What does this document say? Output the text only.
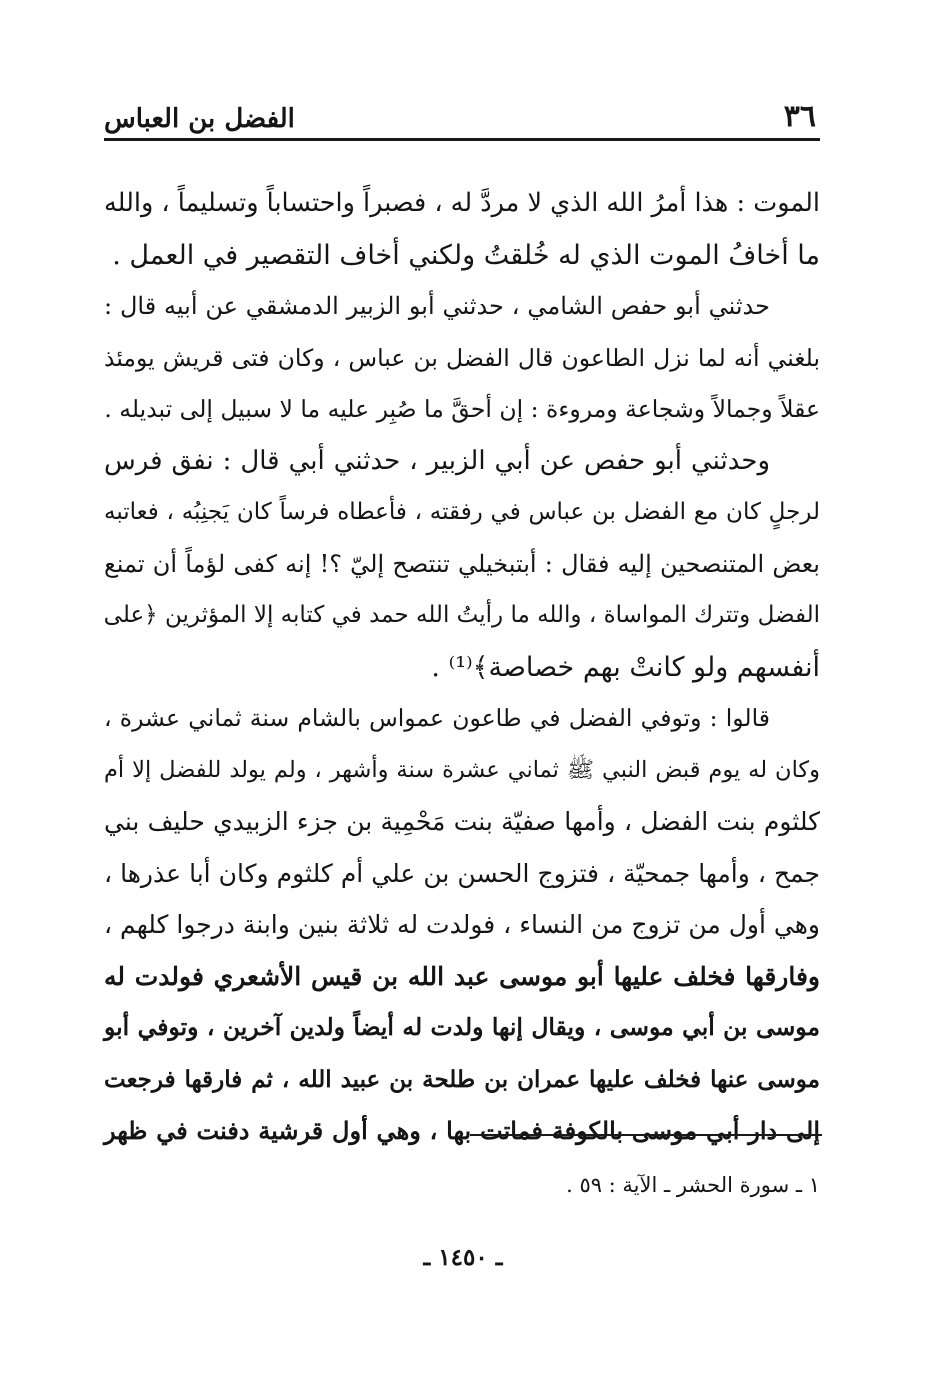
٣٦
الفضل بن العباس
الموت : هذا أمرُ الله الذي لا مردَّ له ، فصبراً واحتساباً وتسليماً ، والله
ما أخافُ الموت الذي له خُلقتُ ولكني أخاف التقصير في العمل .
حدثني أبو حفص الشامي ، حدثني أبو الزبير الدمشقي عن أبيه قال :
بلغني أنه لما نزل الطاعون قال الفضل بن عباس ، وكان فتى قريش يومئذ
عقلاً وجمالاً وشجاعة ومروءة : إن أحقَّ ما صُبِر عليه ما لا سبيل إلى تبديله .
وحدثني أبو حفص عن أبي الزبير ، حدثني أبي قال : نفق فرس
لرجلٍ كان مع الفضل بن عباس في رفقته ، فأعطاه فرساً كان يَجنِبُه ، فعاتبه
بعض المتنصحين إليه فقال : أبتبخيلي تنتصح إليّ ؟! إنه كفى لؤماً أن تمنع
الفضل وتترك المواساة ، والله ما رأيتُ الله حمد في كتابه إلا المؤثرين ﴿على
أنفسهم ولو كانتْ بهم خصاصة﴾⁽¹⁾ .
قالوا : وتوفي الفضل في طاعون عمواس بالشام سنة ثماني عشرة ،
وكان له يوم قبض النبي ﷺ ثماني عشرة سنة وأشهر ، ولم يولد للفضل إلا أم
كلثوم بنت الفضل ، وأمها صفيّة بنت مَحْمِية بن جزء الزبيدي حليف بني
جمح ، وأمها جمحيّة ، فتزوج الحسن بن علي أم كلثوم وكان أبا عذرها ،
وهي أول من تزوج من النساء ، فولدت له ثلاثة بنين وابنة درجوا كلهم ،
وفارقها فخلف عليها أبو موسى عبد الله بن قيس الأشعري فولدت له
موسى بن أبي موسى ، ويقال إنها ولدت له أيضاً ولدين آخرين ، وتوفي أبو
موسى عنها فخلف عليها عمران بن طلحة بن عبيد الله ، ثم فارقها فرجعت
إلى دار أبي موسى بالكوفة فماتت بها ، وهي أول قرشية دفنت في ظهر
١ ـ سورة الحشر ـ الآية : ٥٩ .
ـ ١٤٥٠ ـ
